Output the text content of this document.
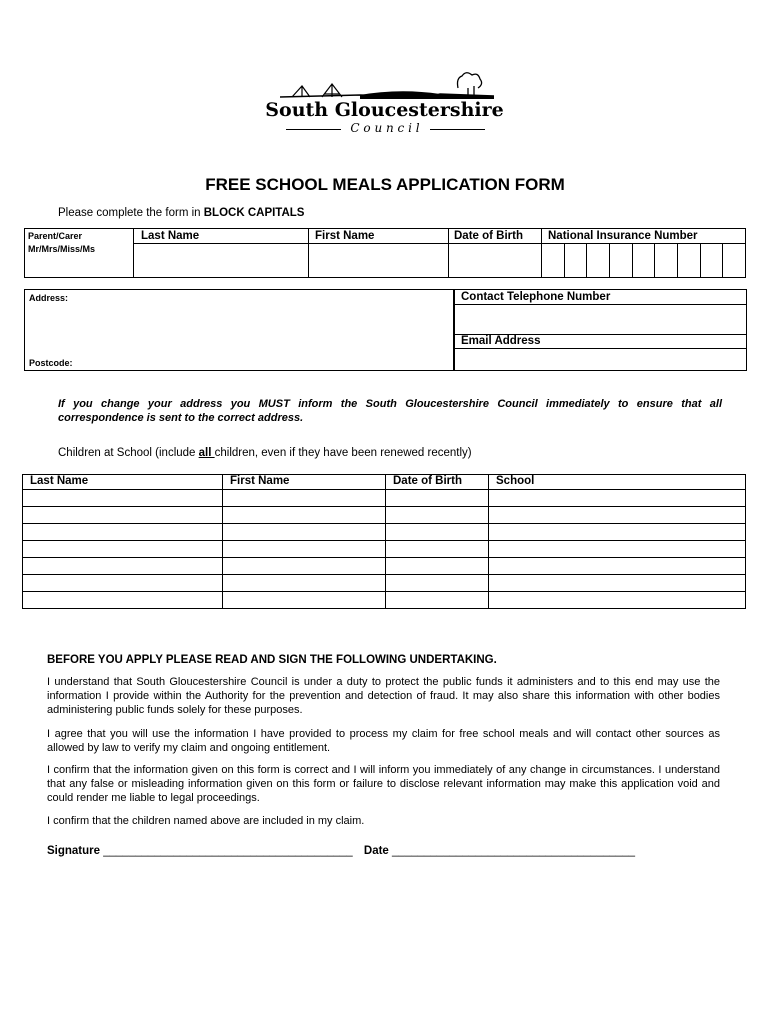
South Gloucestershire
C o u n c i l
FREE SCHOOL MEALS APPLICATION FORM
Please complete the form in BLOCK CAPITALS
Parent/Carer
Mr/Mrs/Miss/Ms

Last Name	First Name	Date of Birth	National Insurance Number
Address:
Postcode:
Contact Telephone Number
Email Address
If you change your address you MUST inform the South Gloucestershire Council immediately to ensure that all correspondence is sent to the correct address.
Children at School (include all children, even if they have been renewed recently)
Last Name	First Name	Date of Birth	School

BEFORE YOU APPLY PLEASE READ AND SIGN THE FOLLOWING UNDERTAKING.
I understand that South Gloucestershire Council is under a duty to protect the public funds it administers and to this end may use the information I provide within the Authority for the prevention and detection of fraud. It may also share this information with other bodies administering public funds solely for these purposes.
I agree that you will use the information I have provided to process my claim for free school meals and will contact other sources as allowed by law to verify my claim and ongoing entitlement.
I confirm that the information given on this form is correct and I will inform you immediately of any change in circumstances. I understand that any false or misleading information given on this form or failure to disclose relevant information may make this application void and could render me liable to legal proceedings.
I confirm that the children named above are included in my claim.
Signature _______________________________________ Date ______________________________________
